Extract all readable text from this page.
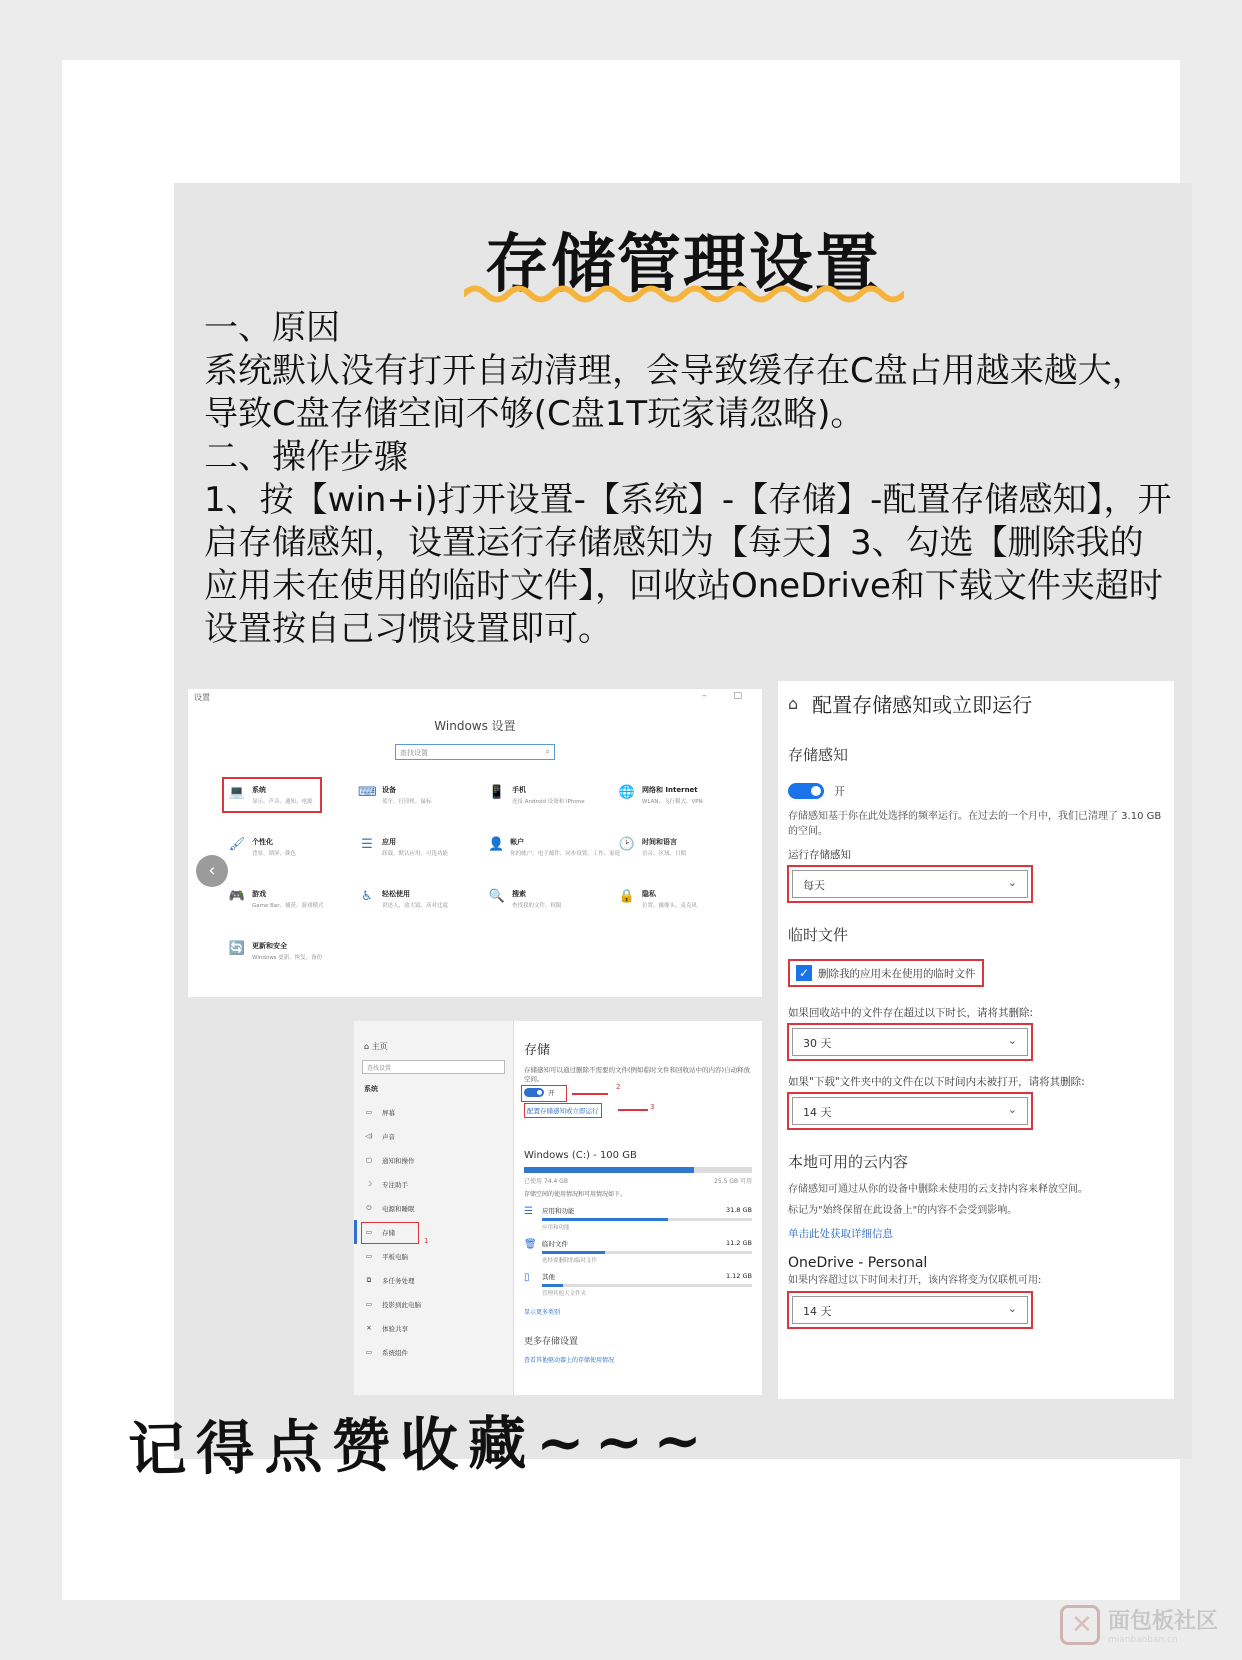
存储管理设置

一、原因

系统默认没有打开自动清理，会导致缓存在C盘占用越来越大，导致C盘存储空间不够(C盘1T玩家请忽略)。

二、操作步骤

1、按【win+i)打开设置-【系统】-【存储】-配置存储感知】，开启存储感知，设置运行存储感知为【每天】3、勾选【删除我的应用未在使用的临时文件】，回收站OneDrive和下载文件夹超时设置按自己习惯设置即可。

设置	– □
Windows 设置
查找设置	⌕
‹
💻 系统
显示、声音、通知、电源
⌨ 设备
蓝牙、打印机、鼠标
📱 手机
连接 Android 设备和 iPhone
🌐 网络和 Internet
WLAN、飞行模式、VPN
🖌 个性化
背景、锁屏、颜色
☰	应用
卸载、默认应用、可选功能
👤 帐户
你的帐户、电子邮件、同步设置、工作、家庭
🕑 时间和语言
语音、区域、日期
🎮 游戏
Game Bar、捕获、游戏模式
♿	轻松使用
讲述人、放大镜、高对比度
🔍 搜索
查找我的文件、权限
🔒 隐私
位置、摄像头、麦克风
🔄 更新和安全
Windows 更新、恢复、备份
⌂ 主页
查找设置
系统
▭ 屏幕
◁) 声音
▢ 通知和操作
☽	专注助手
⏻	电源和睡眠
▭ 存储
▭ 平板电脑
⧉	多任务处理
▭ 投影到此电脑
✕	体验共享
▭ 系统组件
存储
存储感知可以通过删除不需要的文件(例如临时文件和回收站中的内容)自动释放空间。
开
配置存储感知或立即运行
Windows (C:) - 100 GB
已使用 74.4 GB	25.5 GB 可用
存储空间的使用情况和可用情况如下。
☰	应用和功能	31.8 GB
应用和功能
🗑 临时文件	11.2 GB
选择要删除的临时文件
▯	其他	1.12 GB
管理其他大文件夹
显示更多类别
更多存储设置
查看其他驱动器上的存储使用情况
1
2
3
⌂ 配置存储感知或立即运行
存储感知
开
存储感知基于你在此处选择的频率运行。在过去的一个月中，我们已清理了 3.10 GB 的空间。
运行存储感知
每天	⌄
临时文件
✓ 删除我的应用未在使用的临时文件
如果回收站中的文件存在超过以下时长，请将其删除:
30 天	⌄
如果"下载"文件夹中的文件在以下时间内未被打开，请将其删除:
14 天	⌄
本地可用的云内容
存储感知可通过从你的设备中删除未使用的云支持内容来释放空间。
标记为"始终保留在此设备上"的内容不会受到影响。
单击此处获取详细信息
OneDrive - Personal
如果内容超过以下时间未打开，该内容将变为仅联机可用:
14 天	⌄
记得点赞收藏~~~
✕
面包板社区
mianbaoban.cn
